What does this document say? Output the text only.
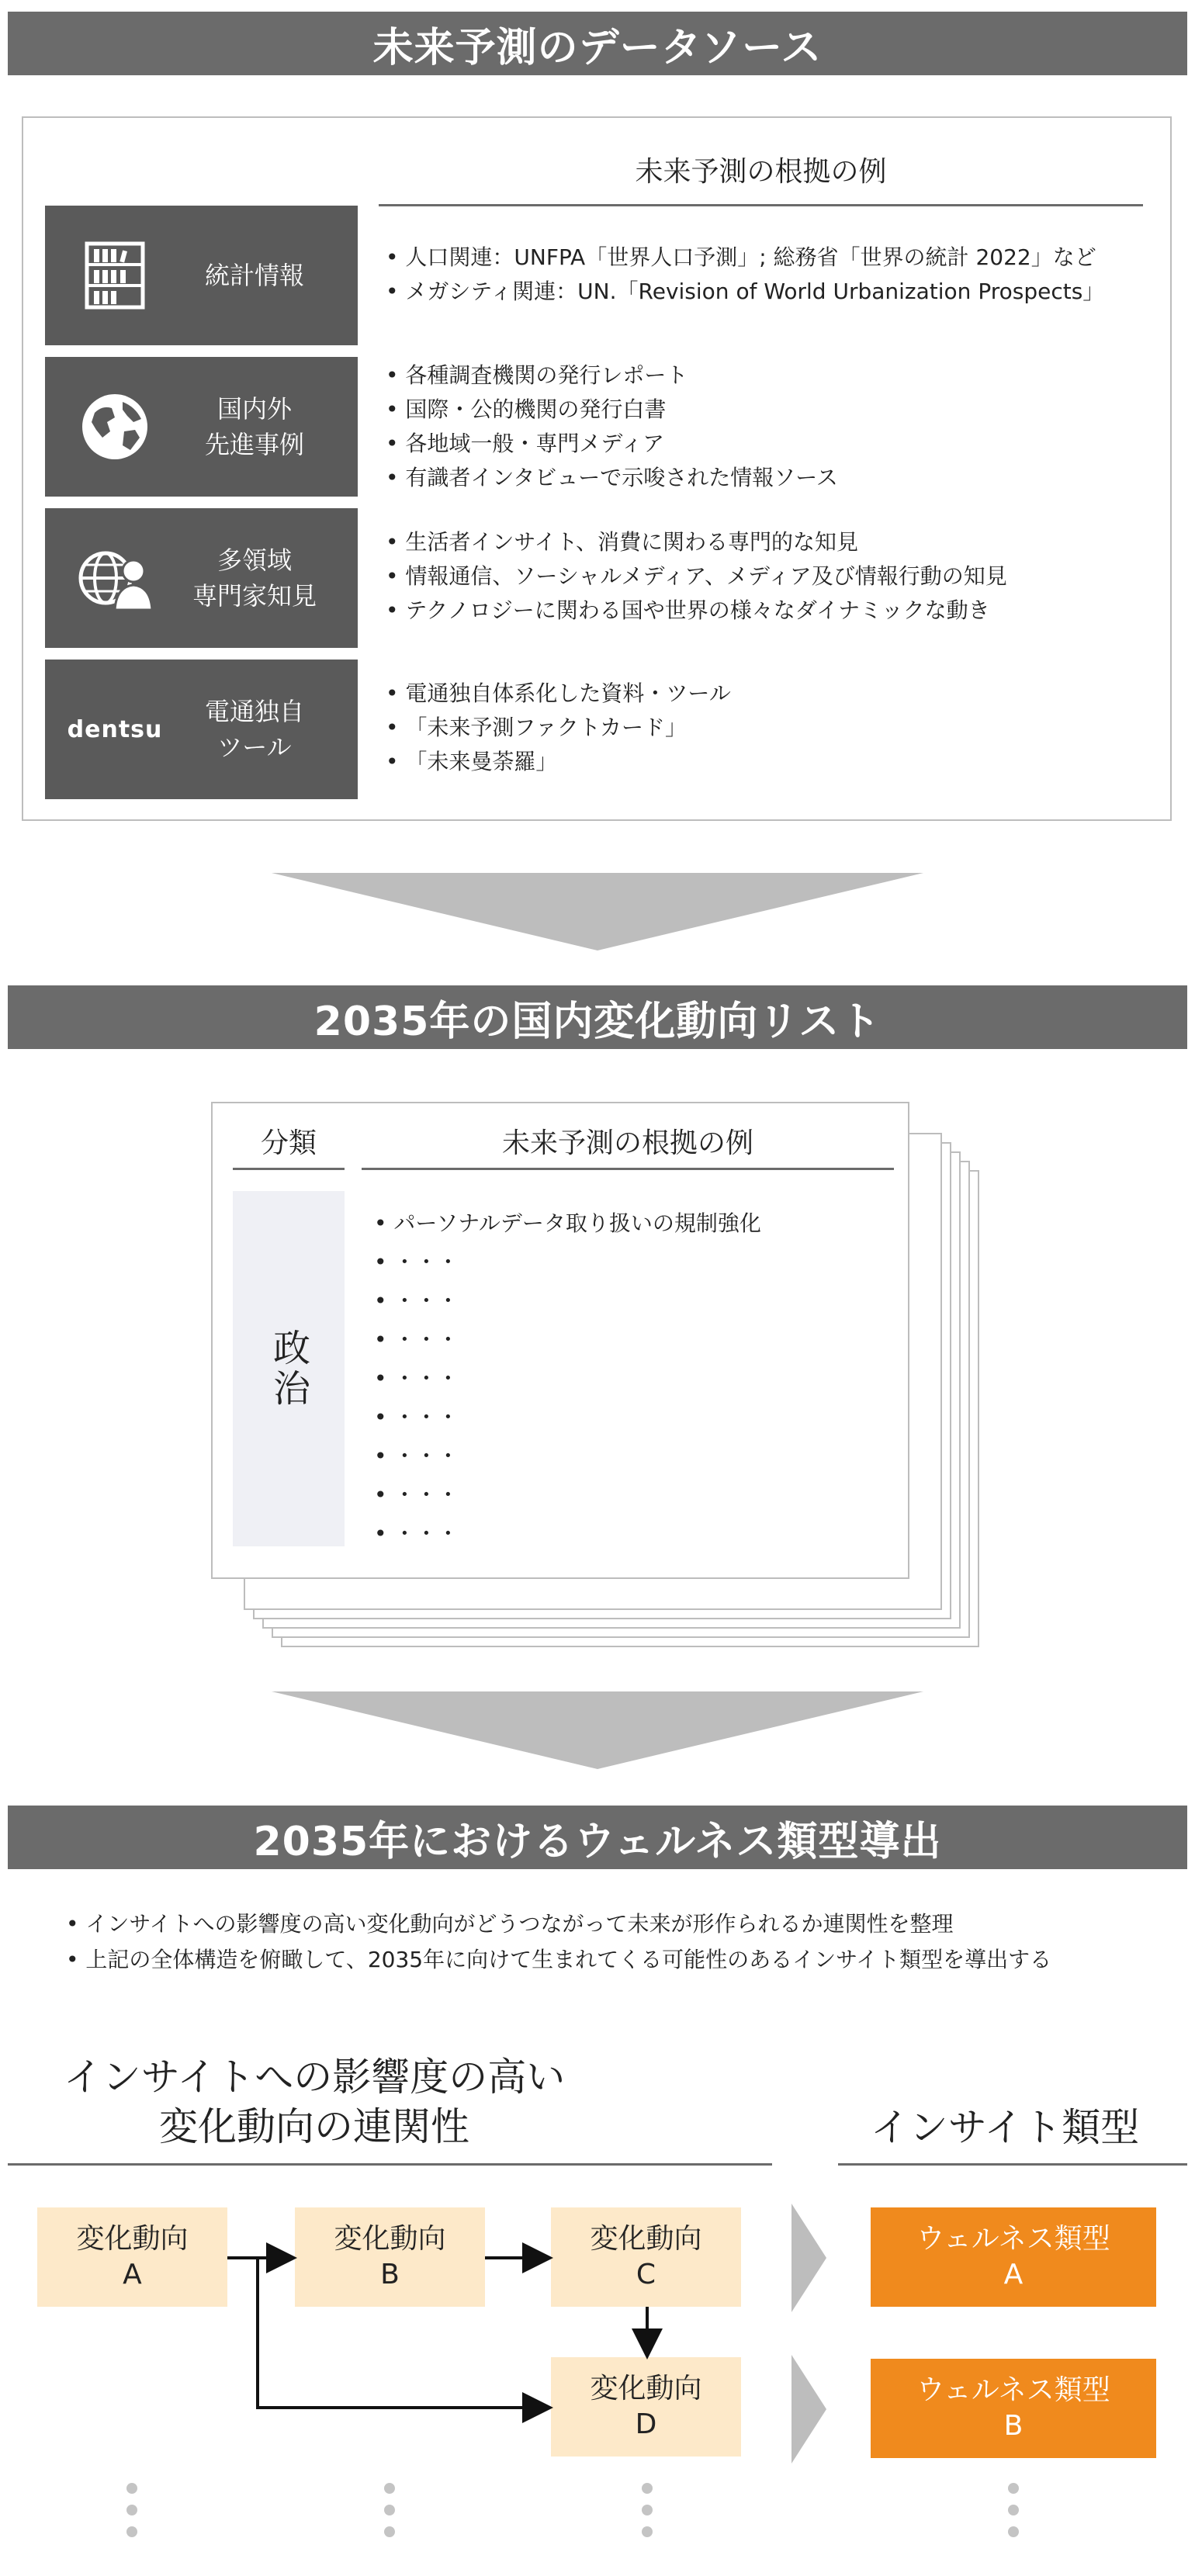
未来予測のデータソース
未来予測の根拠の例
統計情報
• 人口関連：UNFPA「世界人口予測」; 総務省「世界の統計 2022」など
• メガシティ関連：UN.「Revision of World Urbanization Prospects」
国内外
先進事例
• 各種調査機関の発行レポート
• 国際・公的機関の発行白書
• 各地域一般・専門メディア
• 有識者インタビューで示唆された情報ソース
多領域
専門家知見
• 生活者インサイト、消費に関わる専門的な知見
• 情報通信、ソーシャルメディア、メディア及び情報行動の知見
• テクノロジーに関わる国や世界の様々なダイナミックな動き
dentsu
電通独自
ツール
• 電通独自体系化した資料・ツール
• 「未来予測ファクトカード」
• 「未来曼荼羅」
2035年の国内変化動向リスト
分類	未来予測の根拠の例
政治
• パーソナルデータ取り扱いの規制強化
• ・・・
• ・・・
• ・・・
• ・・・
• ・・・
• ・・・
• ・・・
• ・・・
2035年におけるウェルネス類型導出
• インサイトへの影響度の高い変化動向がどうつながって未来が形作られるか連関性を整理
• 上記の全体構造を俯瞰して、2035年に向けて生まれてくる可能性のあるインサイト類型を導出する
インサイトへの影響度の高い
変化動向の連関性	インサイト類型
変化動向
A
変化動向
B
変化動向
C
変化動向
D
ウェルネス類型
A
ウェルネス類型
B
